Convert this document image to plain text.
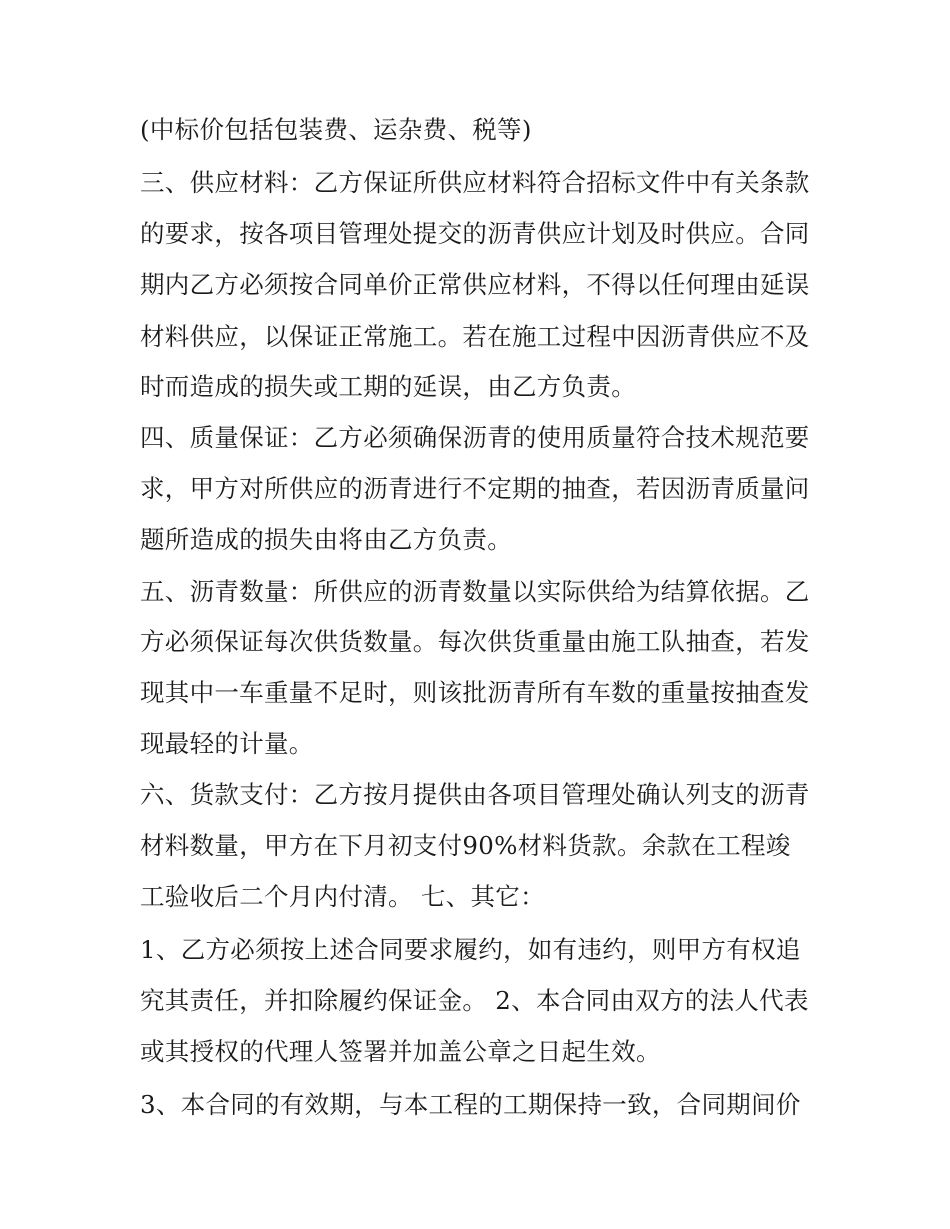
(中标价包括包装费、运杂费、税等)
三、供应材料：乙方保证所供应材料符合招标文件中有关条款
的要求，按各项目管理处提交的沥青供应计划及时供应。合同
期内乙方必须按合同单价正常供应材料，不得以任何理由延误
材料供应，以保证正常施工。若在施工过程中因沥青供应不及
时而造成的损失或工期的延误，由乙方负责。
四、质量保证：乙方必须确保沥青的使用质量符合技术规范要
求，甲方对所供应的沥青进行不定期的抽查，若因沥青质量问
题所造成的损失由将由乙方负责。
五、沥青数量：所供应的沥青数量以实际供给为结算依据。乙
方必须保证每次供货数量。每次供货重量由施工队抽查，若发
现其中一车重量不足时，则该批沥青所有车数的重量按抽查发
现最轻的计量。
六、货款支付：乙方按月提供由各项目管理处确认列支的沥青
材料数量，甲方在下月初支付90%材料货款。余款在工程竣
工验收后二个月内付清。 七、其它：
1、乙方必须按上述合同要求履约，如有违约，则甲方有权追
究其责任，并扣除履约保证金。 2、本合同由双方的法人代表
或其授权的代理人签署并加盖公章之日起生效。
3、本合同的有效期，与本工程的工期保持一致，合同期间价
